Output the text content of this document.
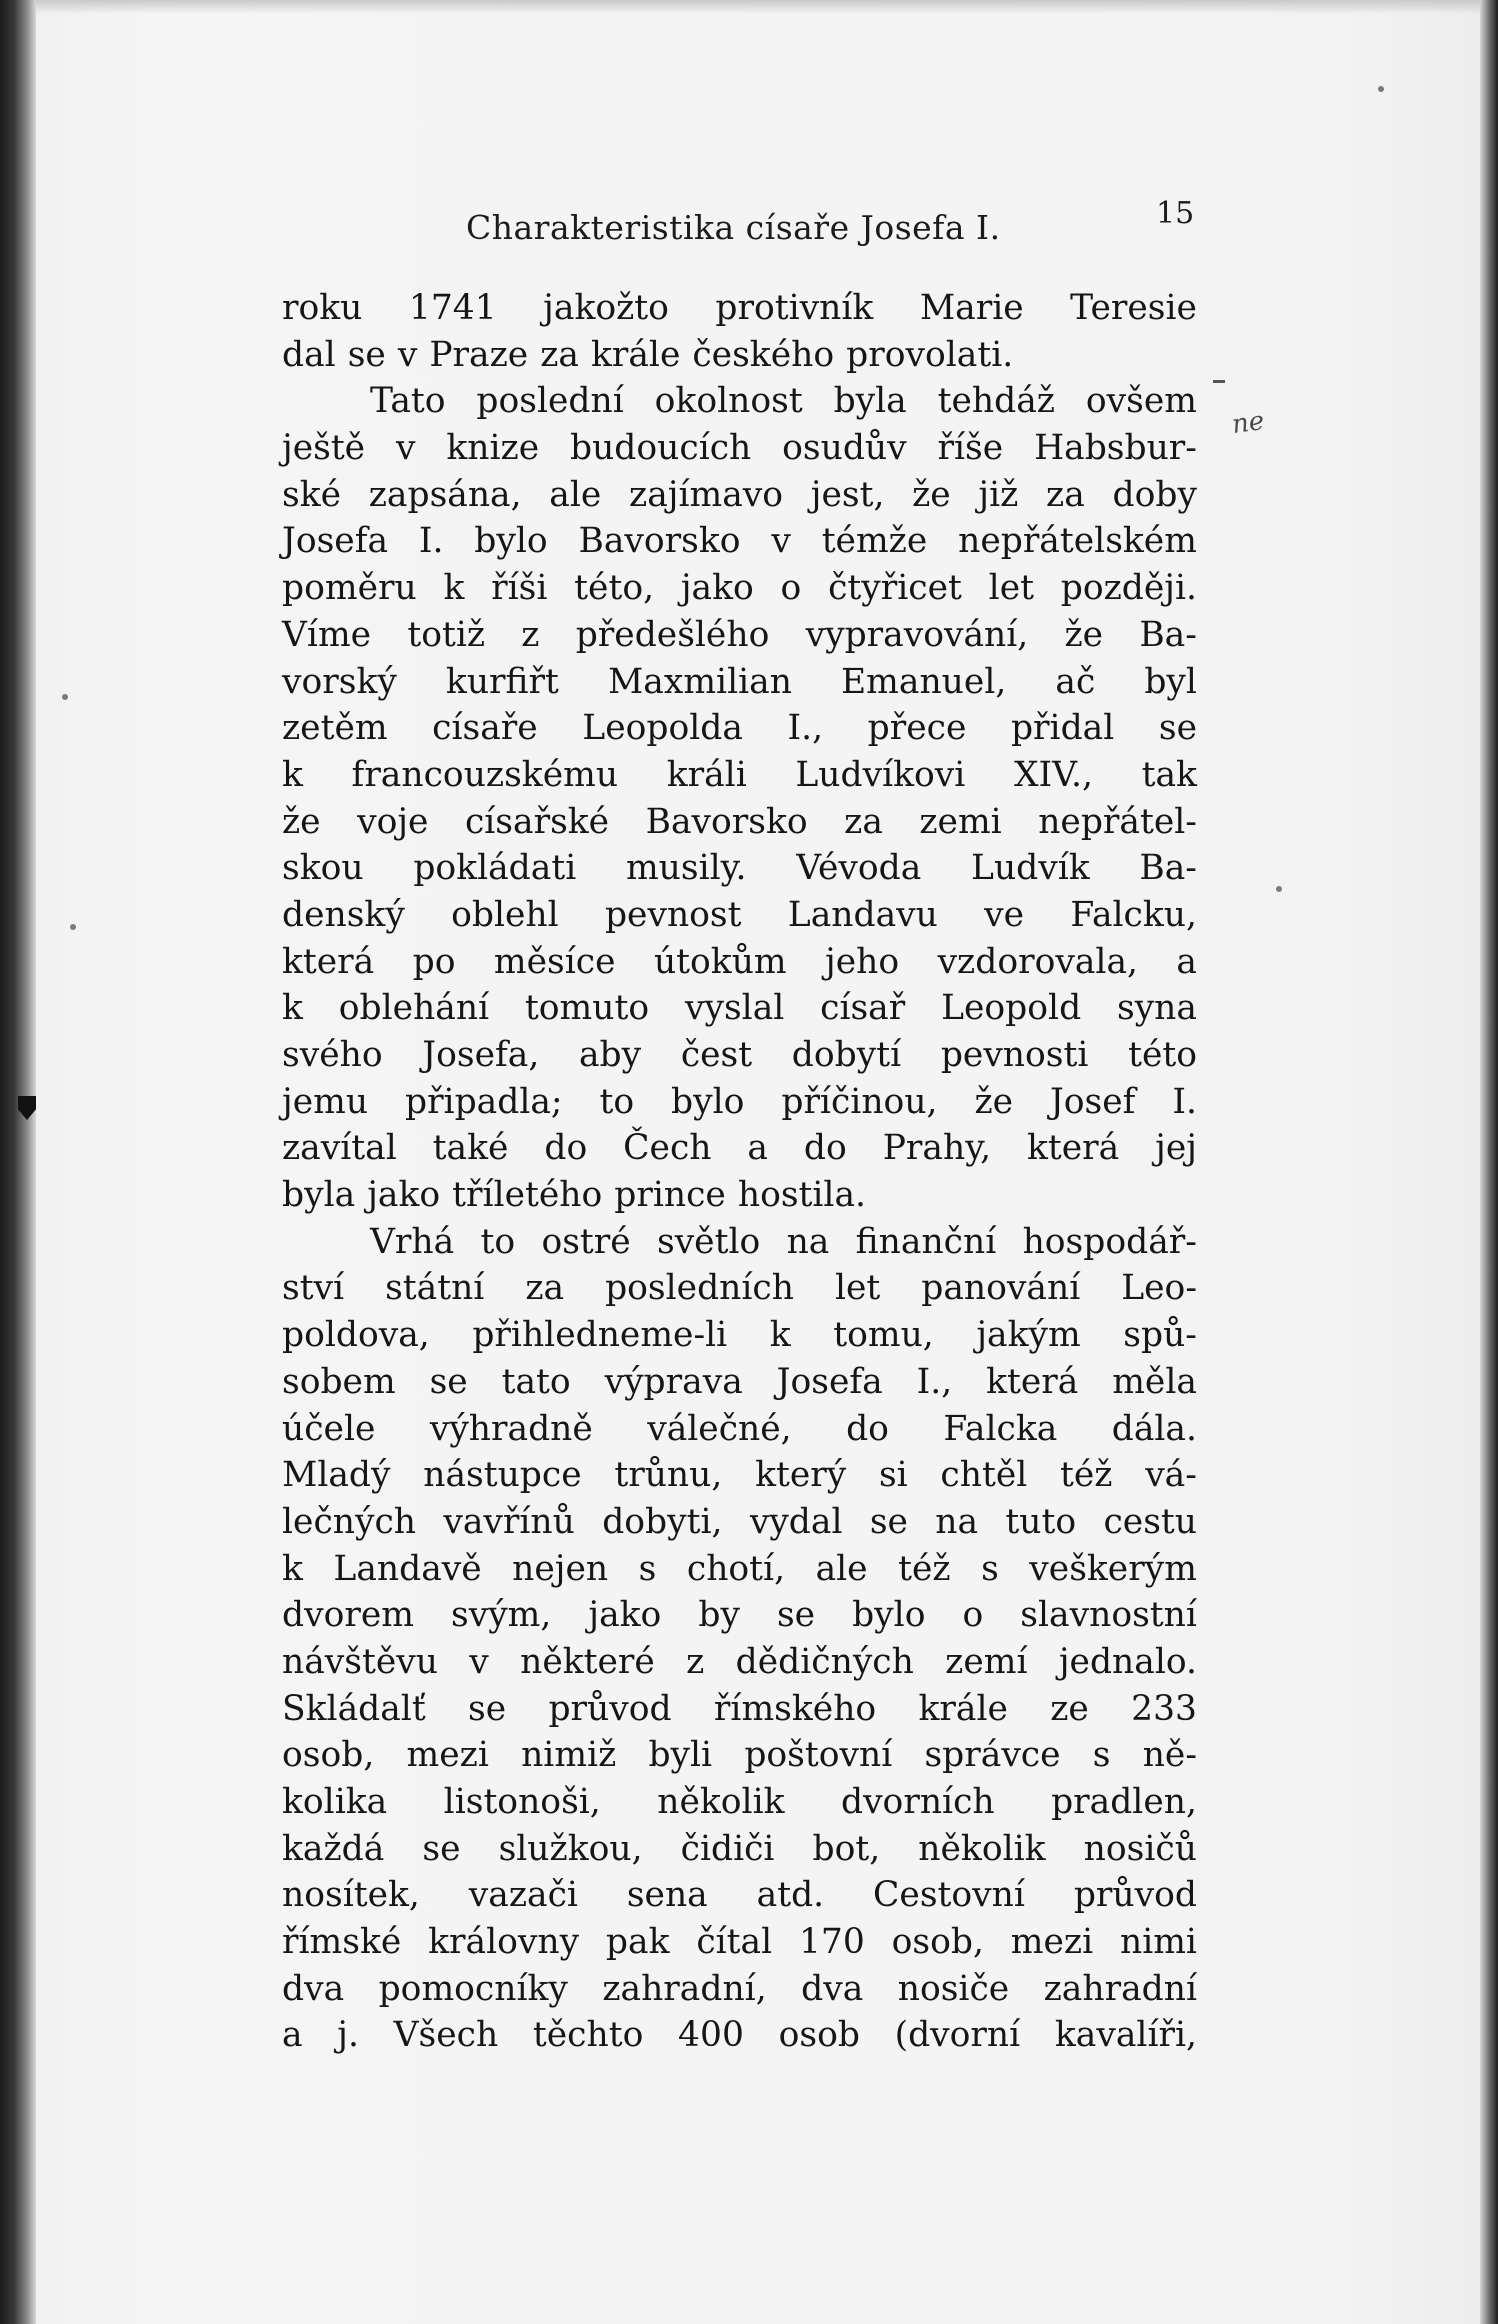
Charakteristika císaře Josefa I.	15
ne
roku 1741 jakožto protivník Marie Teresie
dal se v Praze za krále českého provolati.
Tato poslední okolnost byla tehdáž ovšem
ještě v knize budoucích osudův říše Habsbur-
ské zapsána, ale zajímavo jest, že již za doby
Josefa I. bylo Bavorsko v témže nepřátelském
poměru k říši této, jako o čtyřicet let později.
Víme totiž z předešlého vypravování, že Ba-
vorský kurfiřt Maxmilian Emanuel, ač byl
zetěm císaře Leopolda I., přece přidal se
k francouzskému králi Ludvíkovi XIV., tak
že voje císařské Bavorsko za zemi nepřátel-
skou pokládati musily. Vévoda Ludvík Ba-
denský oblehl pevnost Landavu ve Falcku,
která po měsíce útokům jeho vzdorovala, a
k oblehání tomuto vyslal císař Leopold syna
svého Josefa, aby čest dobytí pevnosti této
jemu připadla; to bylo příčinou, že Josef I.
zavítal také do Čech a do Prahy, která jej
byla jako tříletého prince hostila.
Vrhá to ostré světlo na finanční hospodář-
ství státní za posledních let panování Leo-
poldova, přihledneme-li k tomu, jakým spů-
sobem se tato výprava Josefa I., která měla
účele výhradně válečné, do Falcka dála.
Mladý nástupce trůnu, který si chtěl též vá-
lečných vavřínů dobyti, vydal se na tuto cestu
k Landavě nejen s chotí, ale též s veškerým
dvorem svým, jako by se bylo o slavnostní
návštěvu v některé z dědičných zemí jednalo.
Skládalť se průvod římského krále ze 233
osob, mezi nimiž byli poštovní správce s ně-
kolika listonoši, několik dvorních pradlen,
každá se služkou, čidiči bot, několik nosičů
nosítek, vazači sena atd. Cestovní průvod
římské královny pak čítal 170 osob, mezi nimi
dva pomocníky zahradní, dva nosiče zahradní
a j. Všech těchto 400 osob (dvorní kavalíři,
